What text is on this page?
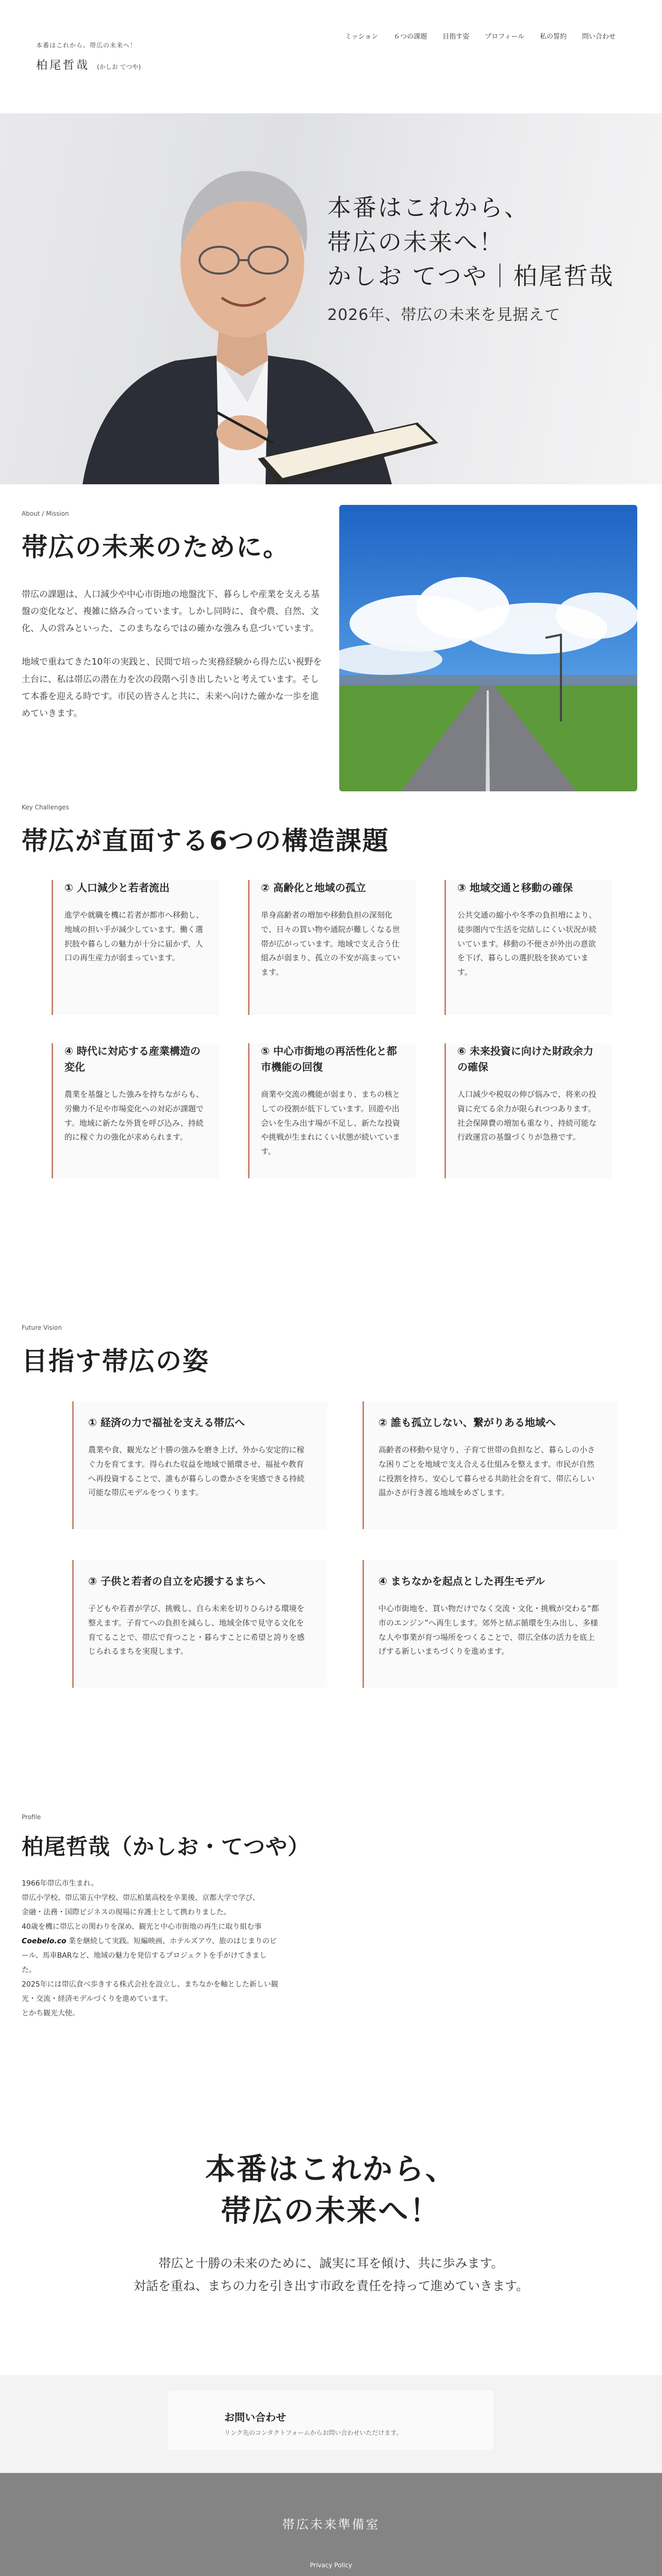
本番はこれから、帯広の未来へ！
柏尾哲哉 (かしお てつや)
ミッション ６つの課題 目指す姿 プロフィール 私の誓約 問い合わせ
本番はこれから、
帯広の未来へ！
かしお てつや｜柏尾哲哉
2026年、帯広の未来を見据えて
About / Mission
帯広の未来のために。

帯広の課題は、人口減少や中心市街地の地盤沈下、暮らしや産業を支える基盤の変化など、複雑に絡み合っています。しかし同時に、食や農、自然、文化、人の営みといった、このまちならではの確かな強みも息づいています。

地域で重ねてきた10年の実践と、民間で培った実務経験から得た広い視野を土台に、私は帯広の潜在力を次の段階へ引き出したいと考えています。そして本番を迎える時です。市民の皆さんと共に、未来へ向けた確かな一歩を進めていきます。

Key Challenges
帯広が直面する6つの構造課題
① 人口減少と若者流出
進学や就職を機に若者が都市へ移動し、地域の担い手が減少しています。働く選択肢や暮らしの魅力が十分に届かず、人口の再生産力が弱まっています。
② 高齢化と地域の孤立
単身高齢者の増加や移動負担の深刻化で、日々の買い物や通院が難しくなる世帯が広がっています。地域で支え合う仕組みが弱まり、孤立の不安が高まっています。
③ 地域交通と移動の確保
公共交通の縮小や冬季の負担増により、徒歩圏内で生活を完結しにくい状況が続いています。移動の不便さが外出の意欲を下げ、暮らしの選択肢を狭めています。
④ 時代に対応する産業構造の変化
農業を基盤とした強みを持ちながらも、労働力不足や市場変化への対応が課題です。地域に新たな外貨を呼び込み、持続的に稼ぐ力の強化が求められます。
⑤ 中心市街地の再活性化と都市機能の回復
商業や交流の機能が弱まり、まちの核としての役割が低下しています。回遊や出会いを生み出す場が不足し、新たな投資や挑戦が生まれにくい状態が続いています。
⑥ 未来投資に向けた財政余力の確保
人口減少や税収の伸び悩みで、将来の投資に充てる余力が限られつつあります。社会保障費の増加も重なり、持続可能な行政運営の基盤づくりが急務です。
Future Vision
目指す帯広の姿
① 経済の力で福祉を支える帯広へ
農業や食、観光など十勝の強みを磨き上げ、外から安定的に稼ぐ力を育てます。得られた収益を地域で循環させ、福祉や教育へ再投資することで、誰もが暮らしの豊かさを実感できる持続可能な帯広モデルをつくります。
② 誰も孤立しない、繋がりある地域へ
高齢者の移動や見守り、子育て世帯の負担など、暮らしの小さな困りごとを地域で支え合える仕組みを整えます。市民が自然に役割を持ち、安心して暮らせる共助社会を育て、帯広らしい温かさが行き渡る地域をめざします。
③ 子供と若者の自立を応援するまちへ
子どもや若者が学び、挑戦し、自ら未来を切りひらける環境を整えます。子育てへの負担を減らし、地域全体で見守る文化を育てることで、帯広で育つこと・暮らすことに希望と誇りを感じられるまちを実現します。
④ まちなかを起点とした再生モデル
中心市街地を、買い物だけでなく交流・文化・挑戦が交わる“都市のエンジン”へ再生します。郊外と結ぶ循環を生み出し、多様な人や事業が育つ場所をつくることで、帯広全体の活力を底上げする新しいまちづくりを進めます。
Profile
柏尾哲哉（かしお・てつや）
1966年帯広市生まれ。
帯広小学校、帯広第五中学校、帯広柏葉高校を卒業後、京都大学で学び、
金融・法務・国際ビジネスの現場に弁護士として携わりました。
40歳を機に帯広との関わりを深め、観光と中心市街地の再生に取り組む事
Coebelo.co 業を継続して実践。短編映画、ホテルズアウ、旅のはじまりのビール、馬車BARなど、地域の魅力を発信するプロジェクトを手がけてきました。
2025年には帯広食べ歩きする株式会社を設立し、まちなかを軸とした新しい観光・交流・経済モデルづくりを進めています。
とかち観光大使。
本番はこれから、
帯広の未来へ！
帯広と十勝の未来のために、誠実に耳を傾け、共に歩みます。
対話を重ね、まちの力を引き出す市政を責任を持って進めていきます。
お問い合わせ
リンク先のコンタクトフォームからお問い合わせいただけます。
帯広未来準備室
Privacy Policy
